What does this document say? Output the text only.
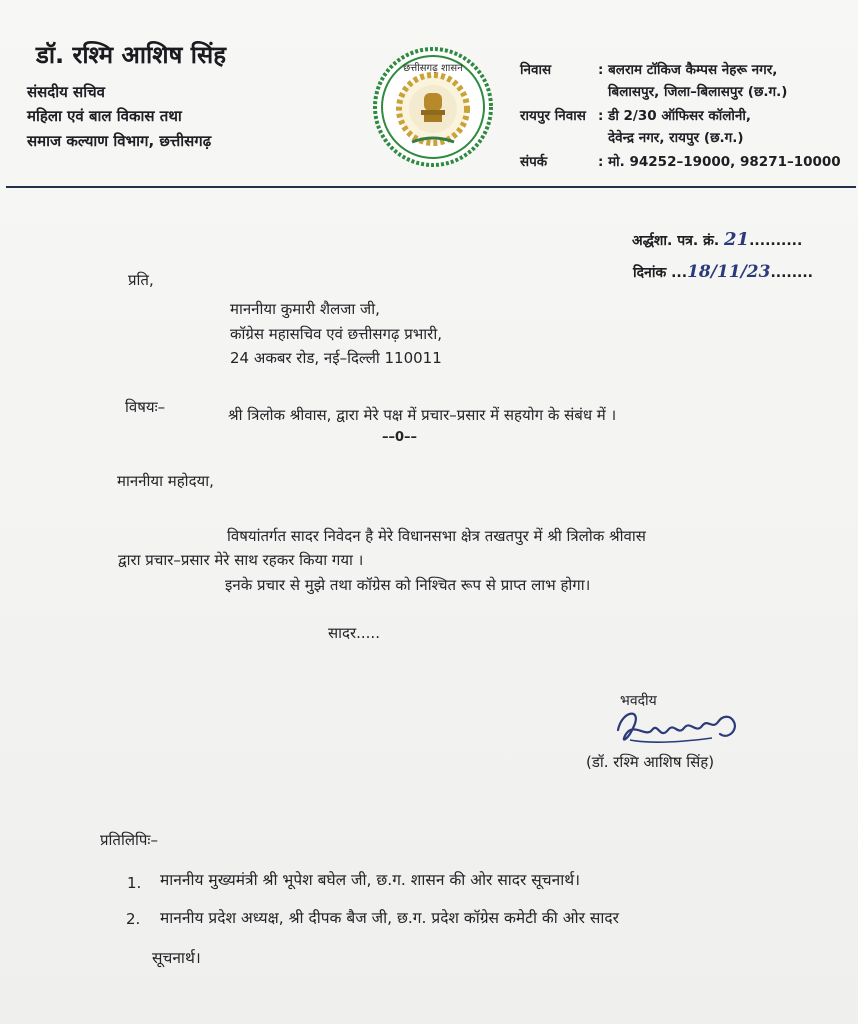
डॉ. रश्मि आशिष सिंह
संसदीय सचिव
महिला एवं बाल विकास तथा
समाज कल्याण विभाग, छत्तीसगढ़
छत्तीसगढ़ शासन	निवास	: बलराम टॉकिज कैम्पस नेहरू नगर,
बिलासपुर, जिला–बिलासपुर (छ.ग.)
रायपुर निवास : डी 2/30 ऑफिसर कॉलोनी,
देवेन्द्र नगर, रायपुर (छ.ग.)
संपर्क	: मो. 94252–19000, 98271–10000
अर्द्धशा. पत्र. क्रं. 21..........
दिनांक ...18/11/23........
प्रति,
माननीया कुमारी शैलजा जी,
कॉग्रेस महासचिव एवं छत्तीसगढ़ प्रभारी,
24 अकबर रोड, नई–दिल्ली 110011
विषयः–	श्री त्रिलोक श्रीवास, द्वारा मेरे पक्ष में प्रचार–प्रसार में सहयोग के संबंध में ।
––0––
माननीया महोदया,
विषयांतर्गत सादर निवेदन है मेरे विधानसभा क्षेत्र तखतपुर में श्री त्रिलोक श्रीवास
द्वारा प्रचार–प्रसार मेरे साथ रहकर किया गया ।
इनके प्रचार से मुझे तथा कॉग्रेस को निश्चित रूप से प्राप्त लाभ होगा।
सादर.....
भवदीय
(डॉ. रश्मि आशिष सिंह)
प्रतिलिपिः–
1. माननीय मुख्यमंत्री श्री भूपेश बघेल जी, छ.ग. शासन की ओर सादर सूचनार्थ।
2. माननीय प्रदेश अध्यक्ष, श्री दीपक बैज जी, छ.ग. प्रदेश कॉग्रेस कमेटी की ओर सादर
सूचनार्थ।
